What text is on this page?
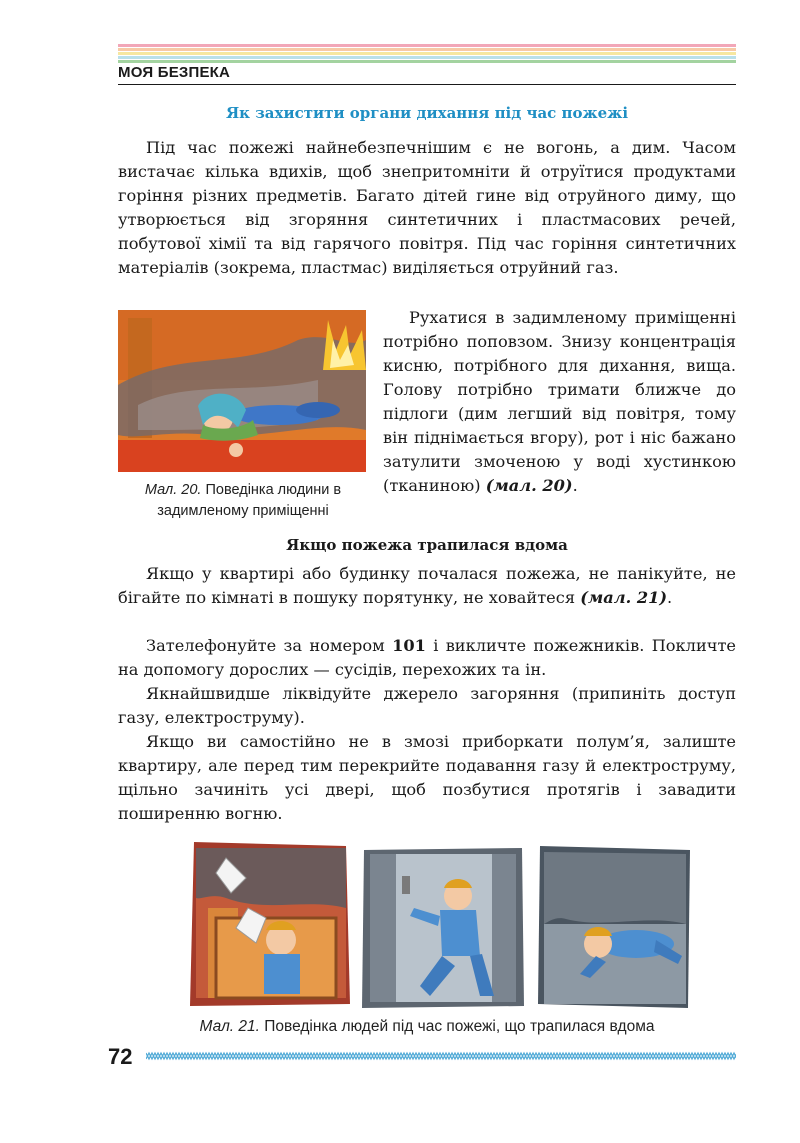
МОЯ БЕЗПЕКА
Як захистити органи дихання під час пожежі

Під час пожежі найнебезпечнішим є не вогонь, а дим. Часом вистачає кілька вдихів, щоб знепритомніти й отруїтися продуктами горіння різних предметів. Багато дітей гине від отруйного диму, що утворюється від згоряння синтетичних і пластмасових речей, побутової хімії та від гарячого повітря. Під час горіння синтетичних матеріалів (зокрема, пластмас) виділяється отруйний газ.

Рухатися в задимленому приміщенні потрібно поповзом. Знизу концентрація кисню, потрібного для дихання, вища. Голову потрібно тримати ближче до підлоги (дим легший від повітря, тому він піднімається вгору), рот і ніс бажано затулити змоченою у воді хустинкою (тканиною) (мал. 20).

Мал. 20. Поведінка людини в задимленому приміщенні
Якщо пожежа трапилася вдома

Якщо у квартирі або будинку почалася пожежа, не панікуйте, не бігайте по кімнаті в пошуку порятунку, не ховайтеся (мал. 21).

Зателефонуйте за номером 101 і викличте пожежників. Покличте на допомогу дорослих — сусідів, перехожих та ін.

Якнайшвидше ліквідуйте джерело загоряння (припиніть доступ газу, електроструму).

Якщо ви самостійно не в змозі приборкати полум’я, залиште квартиру, але перед тим перекрийте подавання газу й електроструму, щільно зачиніть усі двері, щоб позбутися протягів і завадити поширенню вогню.

Мал. 21. Поведінка людей під час пожежі, що трапилася вдома
72
